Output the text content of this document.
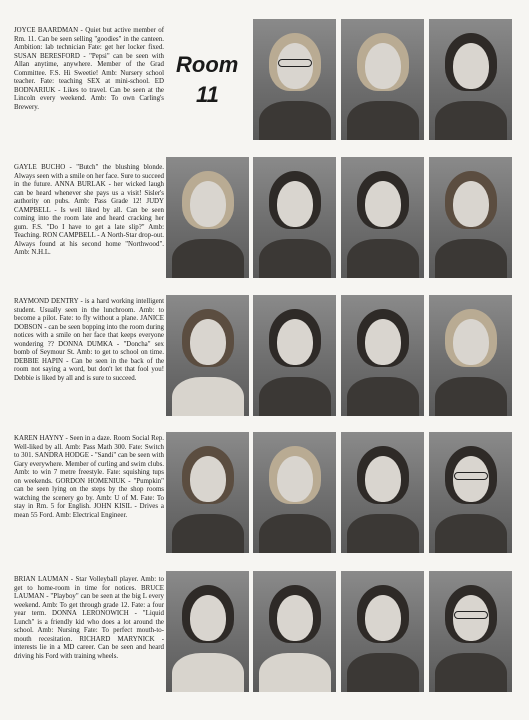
JOYCE BAARDMAN - Quiet but active member of Rm. 11. Can be seen selling "goodies" in the canteen. Ambition: lab technician Fate: get her locker fixed. SUSAN BERESFORD - "Pepsi" can be seen with Allan anytime, anywhere. Member of the Grad Committee. F.S. Hi Sweetie! Amb: Nursery school teacher. Fate: teaching SEX at mini-school. ED BODNARIUK - Likes to travel. Can be seen at the Lincoln every weekend. Amb: To own Carling's Brewery.

GAYLE BUCHO - "Butch" the blushing blonde. Always seen with a smile on her face. Sure to succeed in the future. ANNA BURLAK - her wicked laugh can be heard whenever she pays us a visit! Sisler's authority on pubs. Amb: Pass Grade 12! JUDY CAMPBELL - Is well liked by all. Can be seen coming into the room late and heard cracking her gum. F.S. "Do I have to get a late slip?" Amb: Teaching. RON CAMPBELL - A North-Star drop-out. Always found at his second home "Northwood". Amb: N.H.L.

RAYMOND DENTRY - is a hard working intelligent student. Usually seen in the lunchroom. Amb: to become a pilot. Fate: to fly without a plane. JANICE DOBSON - can be seen bopping into the room during notices with a smile on her face that keeps everyone wondering ?? DONNA DUMKA - "Doncha" sex bomb of Seymour St. Amb: to get to school on time. DEBBIE HAPIN - Can be seen in the back of the room not saying a word, but don't let that fool you! Debbie is liked by all and is sure to succeed.

KAREN HAYNY - Seen in a daze. Room Social Rep. Well-liked by all. Amb: Pass Math 300. Fate: Switch to 301. SANDRA HODGE - "Sandi" can be seen with Gary everywhere. Member of curling and swim clubs. Amb: to win 7 metre freestyle. Fate: squishing tups on weekends. GORDON HOMENIUK - "Pumpkin" can be seen lying on the steps by the shop rooms watching the scenery go by. Amb: U of M. Fate: To stay in Rm. 5 for English. JOHN KISIL - Drives a mean 55 Ford. Amb: Electrical Engineer.

BRIAN LAUMAN - Star Volleyball player. Amb: to get to home-room in time for notices. BRUCE LAUMAN - "Playboy" can be seen at the big L every weekend. Amb: To get through grade 12. Fate: a four year term. DONNA LERONOWICH - "Liquid Lunch" is a friendly kid who does a lot around the school. Amb: Nursing Fate: To perfect mouth-to-mouth recesitation. RICHARD MARYNICK - interests lie in a MD career. Can be seen and heard driving his Ford with training wheels.

Room
11
